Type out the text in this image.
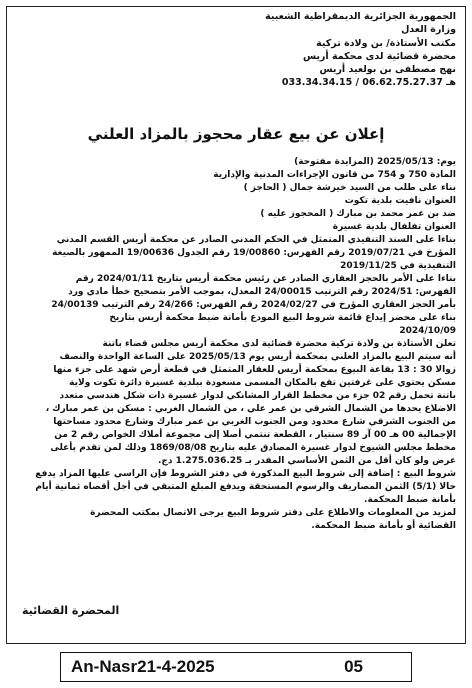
الجمهورية الجزائرية الديمقراطية الشعبية
وزارة العدل
مكتب الأستاذة/ بن ولادة تركية
محضرة قضائية لدى محكمة أريس
نهج مصطفى بن بولعيد أريس
هـ 06.62.75.27.37 / 033.34.34.15
إعلان عن بيع عقار محجوز بالمزاد العلني

يوم: 2025/05/13 (المزايدة مفتوحة)

المادة 750 و 754 من قانون الإجراءات المدنية والإدارية

بناء على طلب من السيد خيرشة جمال ( الحاجز )

العنوان نافيت بلدية تكوت

ضد بن عمر محمد بن مبارك ( المحجوز عليه )

العنوان تفلفال بلدية غسيرة

بناءا على السند التنفيذي المتمثل في الحكم المدني الصادر عن محكمة أريس القسم المدني

المؤرخ في 2019/07/21 رقم الفهرس: 19/00860 رقم الجدول 19/00636 الممهور بالصيغة

التنفيذية في 2019/11/25

بناءا على الأمر بالحجز العقاري الصادر عن رئيس محكمة أريس بتاريخ 2024/01/11 رقم

الفهرس: 2024/51 رقم الترتيب 24/00015 المعدل، بموجب الأمر بتصحيح خطأ مادي ورد

بأمر الحجز العقاري المؤرخ في 2024/02/27 رقم الفهرس: 24/266 رقم الترتيب 24/00139

بناء على محضر إيداع قائمة شروط البيع المودع بأمانة ضبط محكمة أريس بتاريخ

2024/10/09

تعلن الأستاذة بن ولادة تركية محضرة قضائية لدى محكمة أريس مجلس قضاء باتنة

أنه سيتم البيع بالمزاد العلني بمحكمة أريس يوم 2025/05/13 على الساعة الواحدة والنصف

زوالا 30 : 13 بقاعة البيوع بمحكمة أريس للعقار المتمثل في قطعة أرض شهد على جزء منها

مسكن يحتوي على غرفتين تقع بالمكان المسمى مسعودة ببلدية غسيرة دائرة تكوت ولاية

باتنة تحمل رقم 02 جزء من مخطط القرار المشانكي لدوار غسيرة ذات شكل هندسي متعدد

الاضلاع يحدها من الشمال الشرقي بن عمر علي ، من الشمال الغربي : مسكن بن عمر مبارك ،

من الجنوب الشرقي شارع محدود ومن الجنوب الغربي بن عمر مبارك وشارع محدود مساحتها

الإجمالية 00 هـ 00 آر 89 سنتيار ، القطعة تنتمي أصلا إلى مجموعة أملاك الخواص رقم 2 من

مخطط مجلس الشيوخ لدوار غسيرة المصادق عليه بتاريخ 1869/08/08 وذلك لمن تقدم بأعلى

عرض ولو كان أقل من الثمن الأساسي المقدر بـ 1.275.036.25 دج.

شروط البيع : إضافة إلى شروط البيع المذكورة في دفتر الشروط فإن الراسي عليها المزاد يدفع

حالا (5/1) الثمن المصاريف والرسوم المستحقة ويدفع المبلغ المتبقي في أجل أقصاه ثمانية أيام

بأمانة ضبط المحكمة.

لمزيد من المعلومات والاطلاع على دفتر شروط البيع يرجى الاتصال بمكتب المحضرة

القضائية أو بأمانة ضبط المحكمة.

المحضرة القضائية
An-Nasr21-4-2025	05
